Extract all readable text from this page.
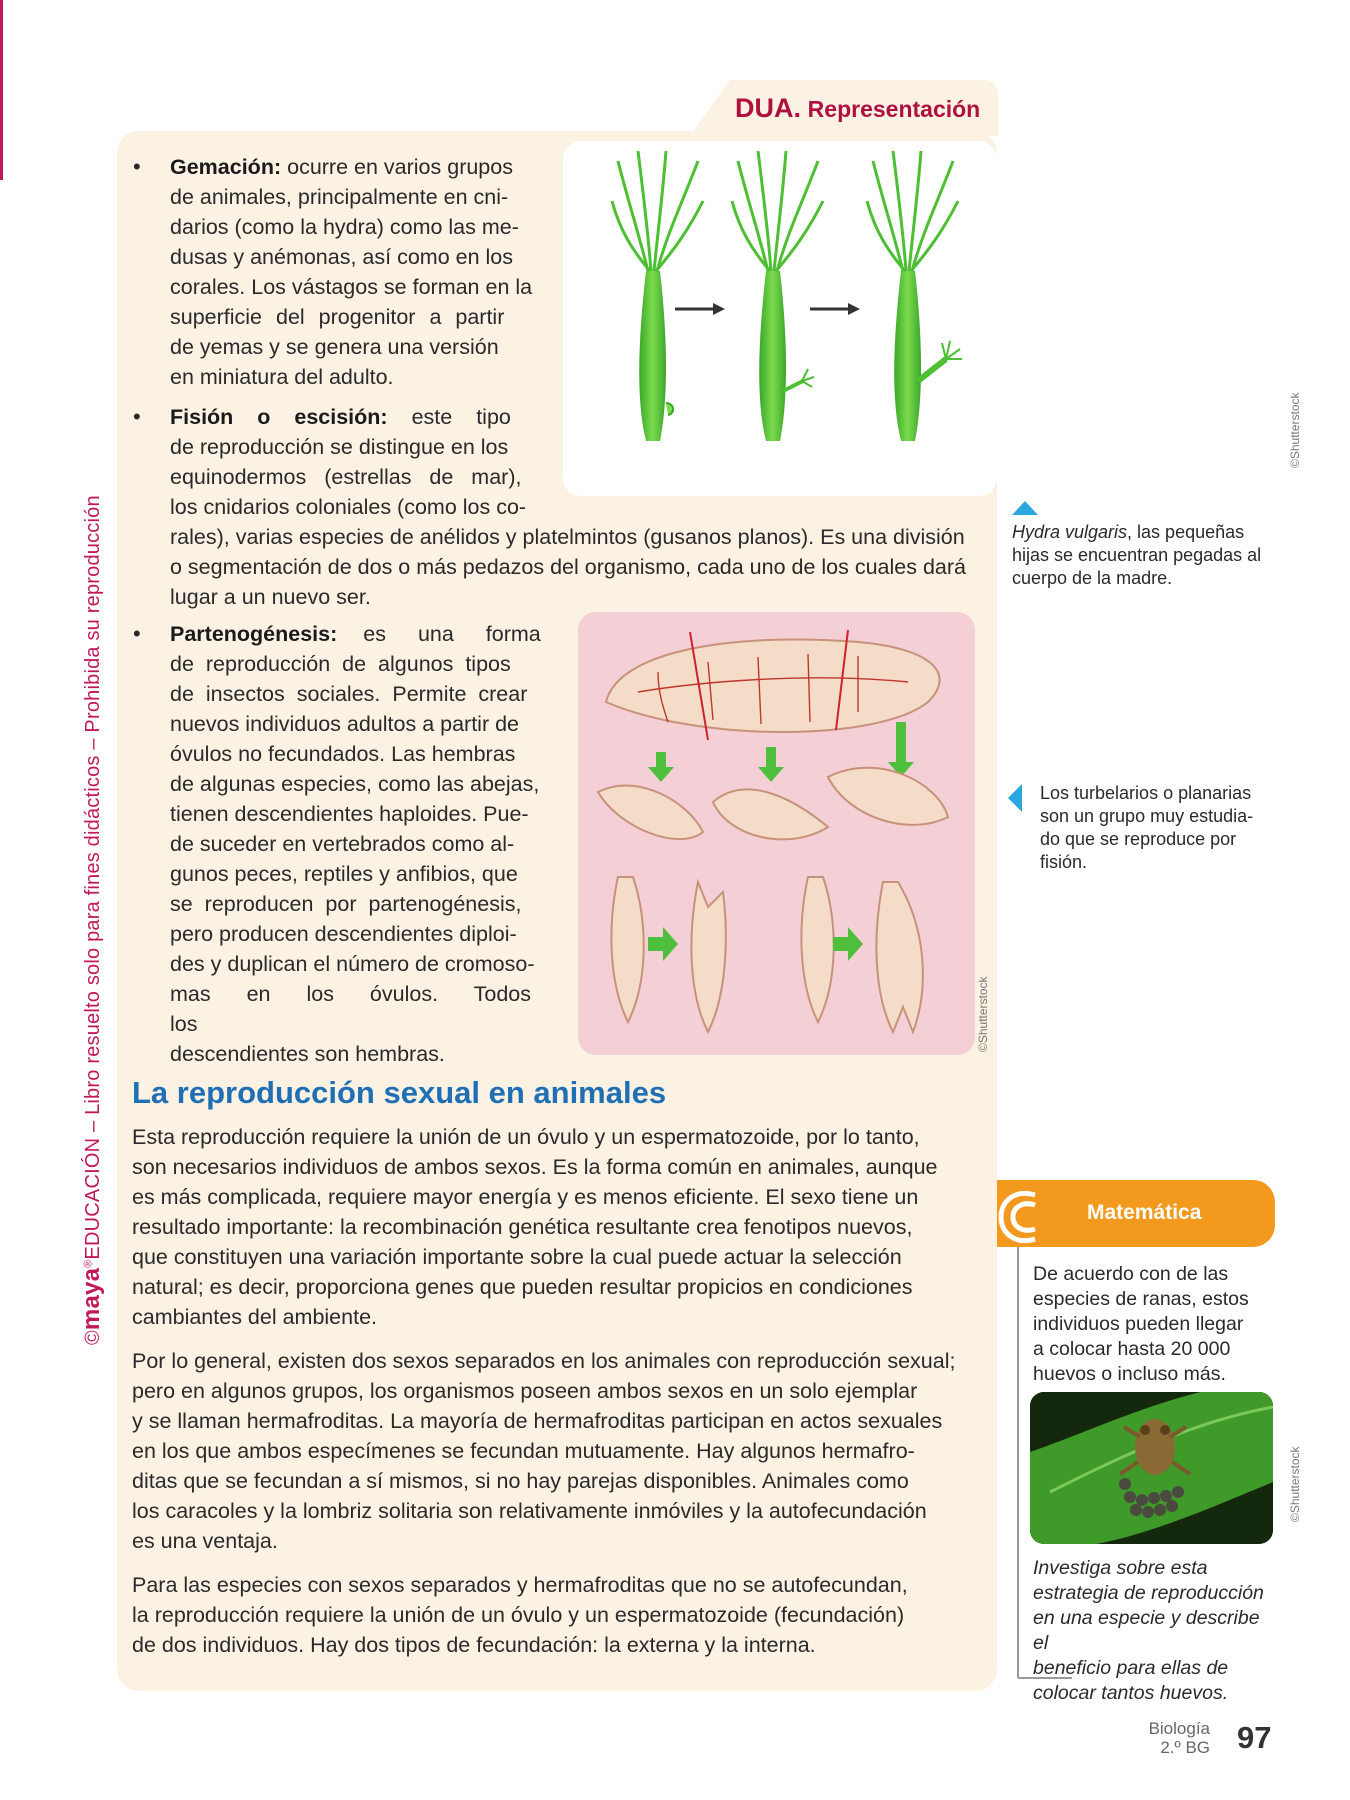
©maya®EDUCACIÓN – Libro resuelto solo para fines didácticos – Prohibida su reproducción
DUA. Representación
• Gemación: ocurre en varios grupos
de animales, principalmente en cni-
darios (como la hydra) como las me-
dusas y anémonas, así como en los
corales. Los vástagos se forman en la
superficie del progenitor a partir
de yemas y se genera una versión
en miniatura del adulto.
• Fisión o escisión: este tipo
de reproducción se distingue en los
equinodermos (estrellas de mar),
los cnidarios coloniales (como los co-
rales), varias especies de anélidos y platelmintos (gusanos planos). Es una división
o segmentación de dos o más pedazos del organismo, cada uno de los cuales dará
lugar a un nuevo ser.
• Partenogénesis: es una forma
de reproducción de algunos tipos
de insectos sociales. Permite crear
nuevos individuos adultos a partir de
óvulos no fecundados. Las hembras
de algunas especies, como las abejas,
tienen descendientes haploides. Pue-
de suceder en vertebrados como al-
gunos peces, reptiles y anfibios, que
se reproducen por partenogénesis,
pero producen descendientes diploi-
des y duplican el número de cromoso-
mas en los óvulos. Todos los
descendientes son hembras.
©Shutterstock
Hydra vulgaris, las pequeñas
hijas se encuentran pegadas al
cuerpo de la madre.
©Shutterstock
Los turbelarios o planarias
son un grupo muy estudia-
do que se reproduce por
fisión.
La reproducción sexual en animales
Esta reproducción requiere la unión de un óvulo y un espermatozoide, por lo tanto,
son necesarios individuos de ambos sexos. Es la forma común en animales, aunque
es más complicada, requiere mayor energía y es menos eficiente. El sexo tiene un
resultado importante: la recombinación genética resultante crea fenotipos nuevos,
que constituyen una variación importante sobre la cual puede actuar la selección
natural; es decir, proporciona genes que pueden resultar propicios en condiciones
cambiantes del ambiente.
Por lo general, existen dos sexos separados en los animales con reproducción sexual;
pero en algunos grupos, los organismos poseen ambos sexos en un solo ejemplar
y se llaman hermafroditas. La mayoría de hermafroditas participan en actos sexuales
en los que ambos especímenes se fecundan mutuamente. Hay algunos hermafro-
ditas que se fecundan a sí mismos, si no hay parejas disponibles. Animales como
los caracoles y la lombriz solitaria son relativamente inmóviles y la autofecundación
es una ventaja.
Para las especies con sexos separados y hermafroditas que no se autofecundan,
la reproducción requiere la unión de un óvulo y un espermatozoide (fecundación)
de dos individuos. Hay dos tipos de fecundación: la externa y la interna.
Matemática
De acuerdo con de las
especies de ranas, estos
individuos pueden llegar
a colocar hasta 20 000
huevos o incluso más.
©Shutterstock
Investiga sobre esta
estrategia de reproducción
en una especie y describe el
beneficio para ellas de
colocar tantos huevos.
Biología
2.º BG 97
